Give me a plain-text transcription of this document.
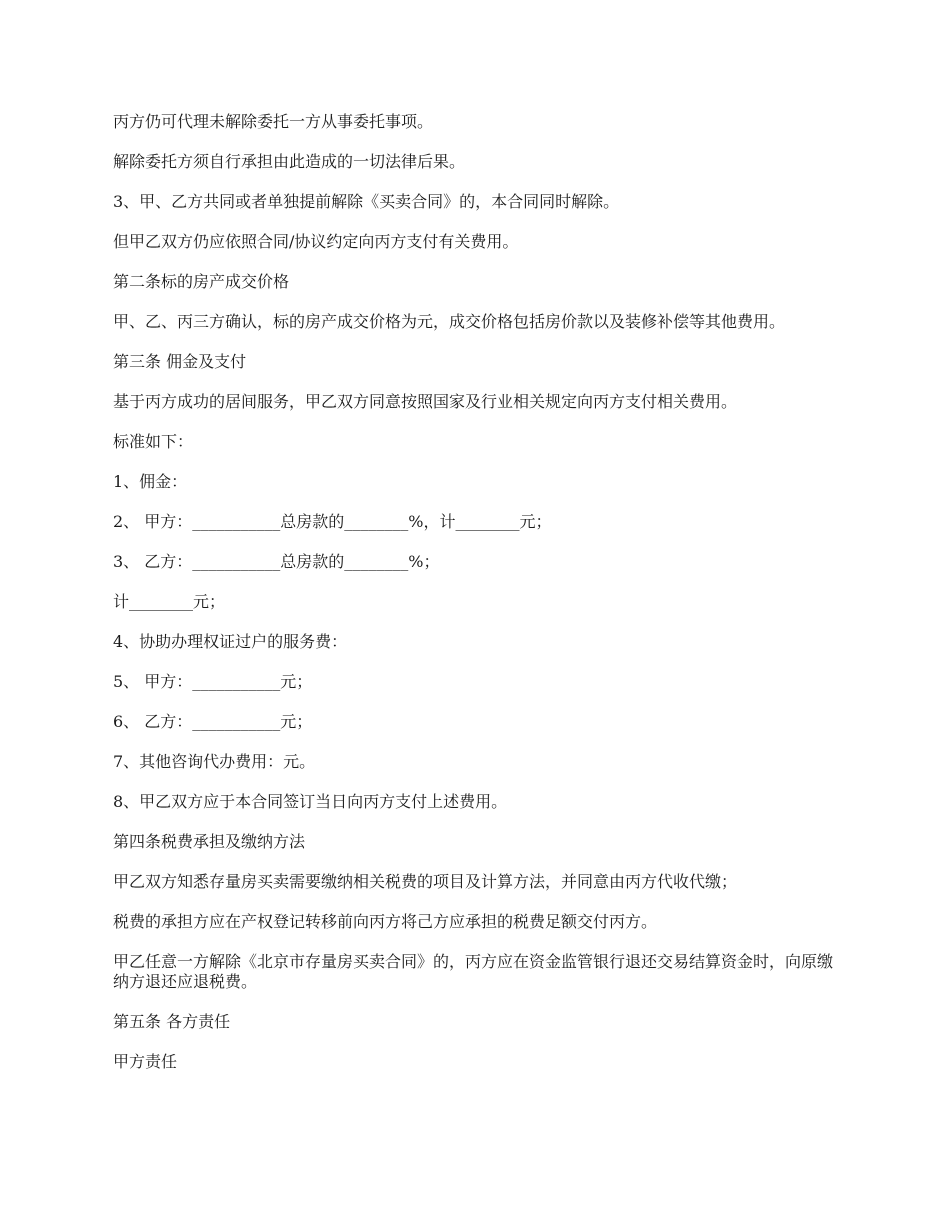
丙方仍可代理未解除委托一方从事委托事项。

解除委托方须自行承担由此造成的一切法律后果。

3、甲、乙方共同或者单独提前解除《买卖合同》的，本合同同时解除。

但甲乙双方仍应依照合同/协议约定向丙方支付有关费用。

第二条标的房产成交价格

甲、乙、丙三方确认，标的房产成交价格为元，成交价格包括房价款以及装修补偿等其他费用。

第三条 佣金及支付

基于丙方成功的居间服务，甲乙双方同意按照国家及行业相关规定向丙方支付相关费用。

标准如下：

1、佣金：

2、 甲方：___________总房款的________%，计________元；

3、 乙方：___________总房款的________%；

计________元；

4、协助办理权证过户的服务费：

5、 甲方：___________元；

6、 乙方：___________元；

7、其他咨询代办费用：元。

8、甲乙双方应于本合同签订当日向丙方支付上述费用。

第四条税费承担及缴纳方法

甲乙双方知悉存量房买卖需要缴纳相关税费的项目及计算方法，并同意由丙方代收代缴；

税费的承担方应在产权登记转移前向丙方将己方应承担的税费足额交付丙方。

甲乙任意一方解除《北京市存量房买卖合同》的，丙方应在资金监管银行退还交易结算资金时，向原缴纳方退还应退税费。

第五条 各方责任

甲方责任
